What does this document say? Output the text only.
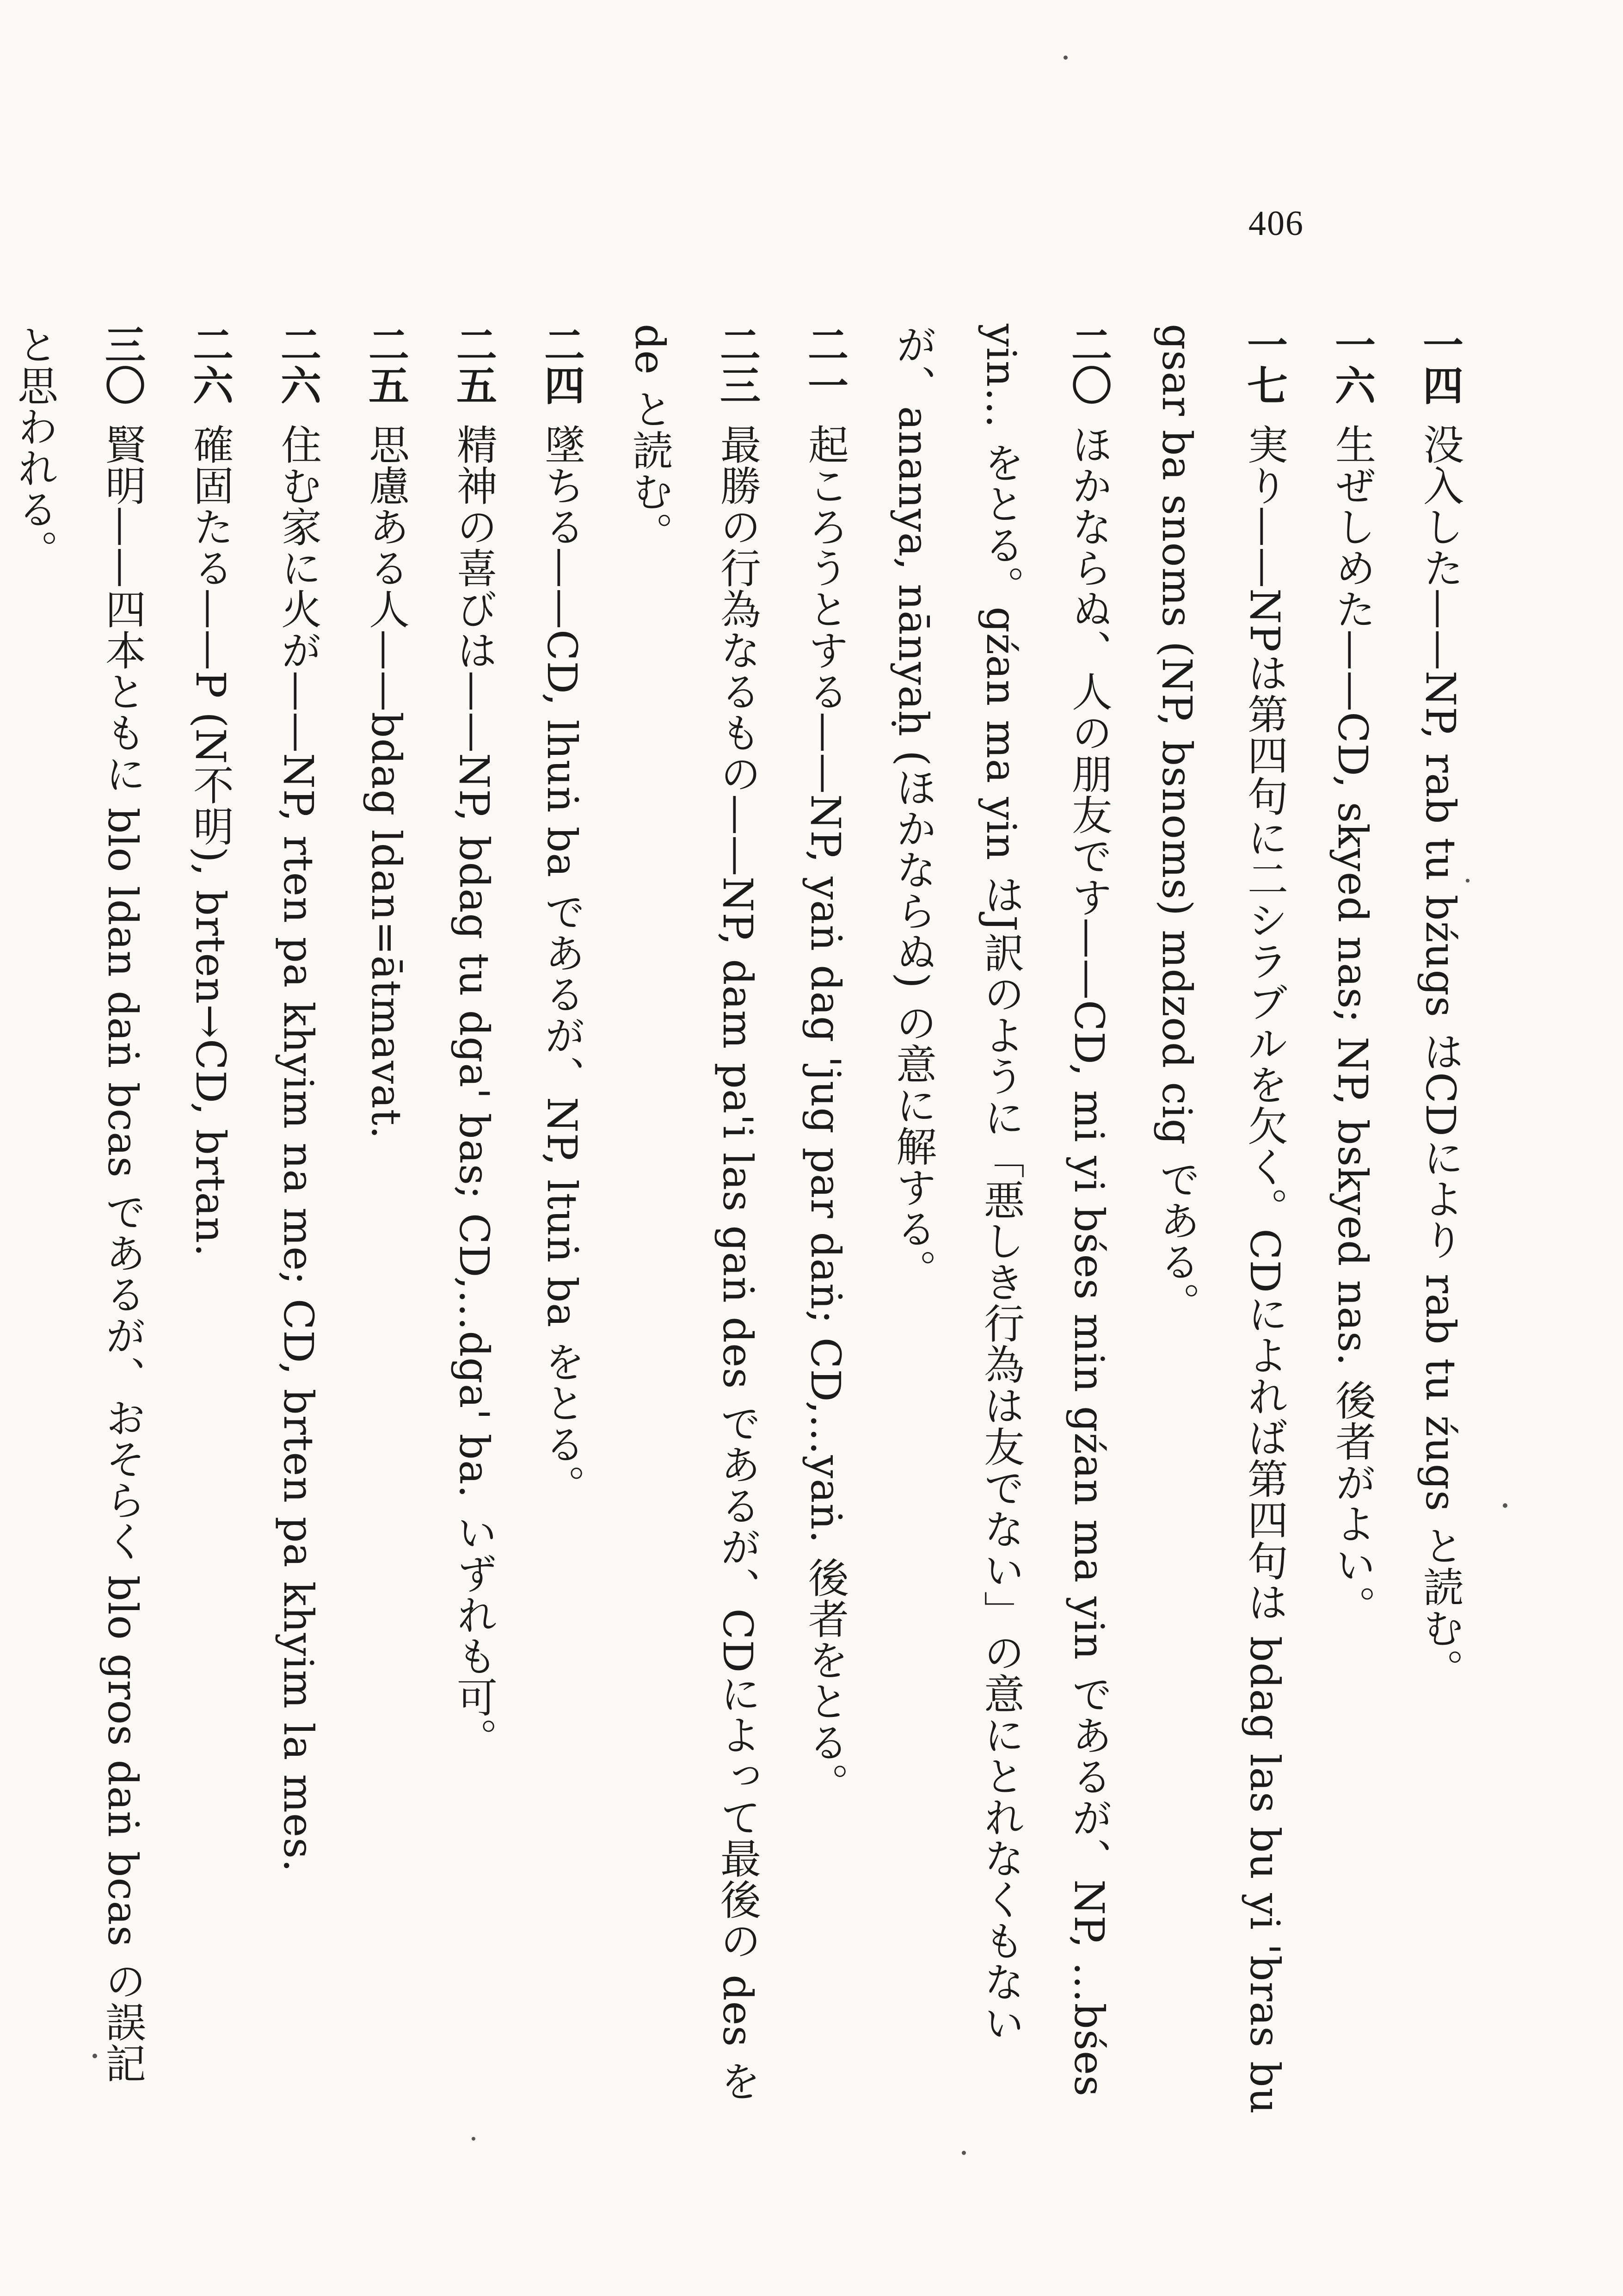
406

一四没入した——NP, rab tu bźugs はCDにより rab tu źugs と読む。

一六生ぜしめた——CD, skyed nas; NP, bskyed nas. 後者がよい。

一七実り——NPは第四句に二シラブルを欠く。CDによれば第四句は bdag las bu yi 'bras bu gsar ba snoms (NP, bsnoms) mdzod cig である。

二〇ほかならぬ、人の朋友です——CD, mi yi bśes min gźan ma yin であるが、NP, …bśes yin… をとる。gźan ma yin はJ訳のように「悪しき行為は友でない」の意にとれなくもないが、ananya, nānyaḥ (ほかならぬ) の意に解する。

二一起ころうとする——NP, yaṅ dag 'jug par daṅ; CD,…yaṅ. 後者をとる。

二三最勝の行為なるもの——NP, dam pa'i las gaṅ des であるが、CDによって最後の des を de と読む。

二四墜ちる——CD, lhuṅ ba であるが、NP, ltuṅ ba をとる。

二五精神の喜びは——NP, bdag tu dga' bas; CD,…dga' ba. いずれも可。

二五思慮ある人——bdag ldan=ātmavat.

二六住む家に火が——NP, rten pa khyim na me; CD, brten pa khyim la mes.

二六確固たる——P (N不明), brten→CD, brtan.

三〇賢明——四本ともに blo ldan daṅ bcas であるが、おそらく blo gros daṅ bcas の誤記と思われる。
